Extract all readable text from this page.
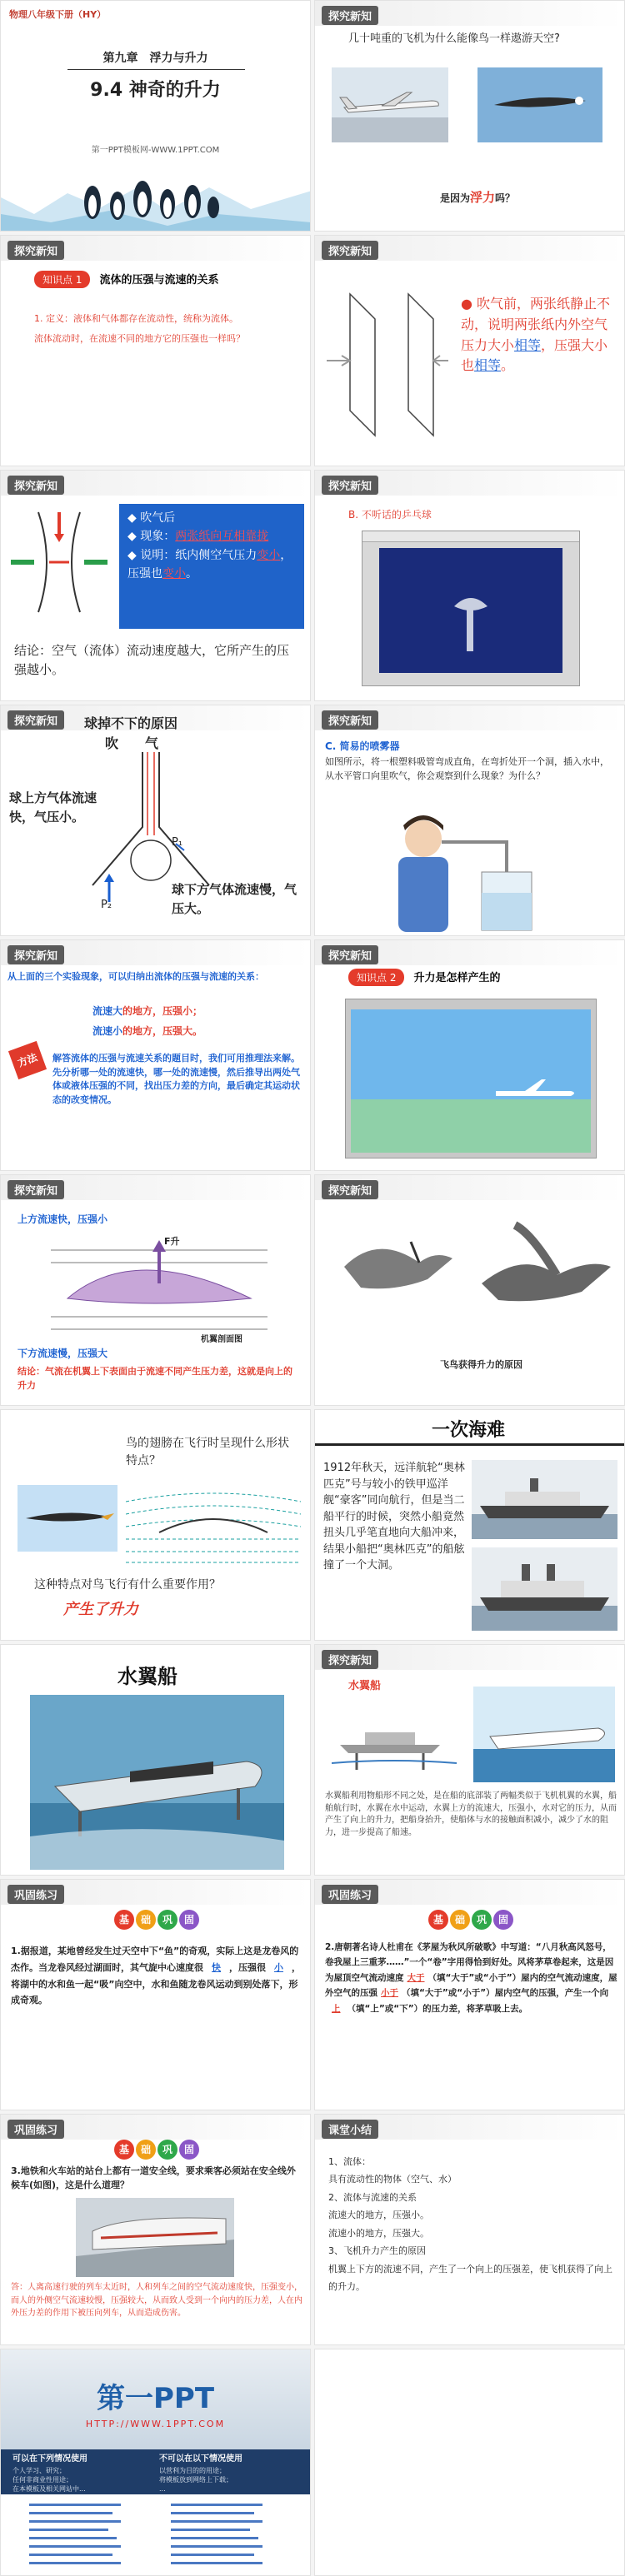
物理八年级下册（HY）
第九章　浮力与升力
9.4 神奇的升力
第一PPT模板网-WWW.1PPT.COM
探究新知
几十吨重的飞机为什么能像鸟一样遨游天空?
是因为浮力吗？
探究新知
知识点 1 流体的压强与流速的关系
1. 定义：液体和气体都存在流动性，统称为流体。
流体流动时，在流速不同的地方它的压强也一样吗？
探究新知
● 吹气前，两张纸静止不动，说明两张纸内外空气压力大小相等，压强大小也相等。
探究新知
◆ 吹气后
◆ 现象：两张纸向互相靠拢
◆ 说明：纸内侧空气压力变小，压强也变小。
结论：空气（流体）流动速度越大，它所产生的压强越小。
探究新知
B. 不听话的乒乓球
探究新知	球掉不下的原因
吹　　气
P₁
P₂
球上方气体流速快，气压小。
球下方气体流速慢，气压大。
探究新知
C. 简易的喷雾器
如图所示，将一根塑料吸管弯成直角，在弯折处开一个洞，插入水中，从水平管口向里吹气，你会观察到什么现象？为什么？
探究新知
从上面的三个实验现象，可以归纳出流体的压强与流速的关系：
流速大的地方，压强小；
流速小的地方，压强大。
方法	解答流体的压强与流速关系的题目时，我们可用推理法来解。先分析哪一处的流速快，哪一处的流速慢，然后推导出两处气体或液体压强的不同，找出压力差的方向，最后确定其运动状态的改变情况。
探究新知
知识点 2 升力是怎样产生的
探究新知
上方流速快，压强小
F升
机翼剖面图
下方流速慢，压强大
结论：气流在机翼上下表面由于流速不同产生压力差，这就是向上的升力
探究新知
飞鸟获得升力的原因
鸟的翅膀在飞行时呈现什么形状特点？
这种特点对鸟飞行有什么重要作用？
产生了升力
一次海难
1912年秋天，远洋航轮“奥林匹克”号与较小的铁甲巡洋舰“豪客”同向航行，但是当二船平行的时候，突然小船竟然扭头几乎笔直地向大船冲来，结果小船把“奥林匹克”的船舷撞了一个大洞。
水翼船
探究新知
水翼船
水翼船利用物船形不同之处，是在船的底部装了两幅类似于飞机机翼的水翼，船舶航行时，水翼在水中运动，水翼上方的流速大，压强小，水对它的压力，从而产生了向上的升力，把船身抬升，使船体与水的接触面积减小，减少了水的阻力，进一步提高了船速。
巩固练习
基 础 巩 固
1.据报道，某地曾经发生过天空中下“鱼”的奇观，实际上这是龙卷风的杰作。当龙卷风经过湖面时，其气旋中心速度很 快 ，压强很 小 ，将湖中的水和鱼一起“吸”向空中，水和鱼随龙卷风运动到别处落下，形成奇观。
巩固练习
基 础 巩 固
2.唐朝著名诗人杜甫在《茅屋为秋风所破歌》中写道：“八月秋高风怒号，卷我屋上三重茅……”一个“卷”字用得恰到好处。风将茅草卷起来，这是因为屋顶空气流动速度 大于 （填“大于”或“小于”）屋内的空气流动速度，屋外空气的压强 小于 （填“大于”或“小于”）屋内空气的压强，产生一个向上 （填“上”或“下”）的压力差，将茅草吸上去。
巩固练习
基 础 巩 固
3.地铁和火车站的站台上都有一道安全线，要求乘客必须站在安全线外候车(如图)，这是什么道理？
答：人离高速行驶的列车太近时，人和列车之间的空气流动速度快，压强变小，而人的外侧空气流速较慢，压强较大，从而致人受到一个向内的压力差，人在内外压力差的作用下被压向列车，从而造成伤害。
课堂小结
1、流体：
具有流动性的物体（空气、水）
2、流体与流速的关系
流速大的地方，压强小。
流速小的地方，压强大。
3、飞机升力产生的原因
机翼上下方的流速不同，产生了一个向上的压强差，使飞机获得了向上的升力。
第一PPT
HTTP://WWW.1PPT.COM
可以在下列情况使用	不可以在以下情况使用
个人学习、研究；
任何非商业性用途；
在本模板及相关网站中...
以营利为目的的用途；
将模板放到网络上下载；
...
